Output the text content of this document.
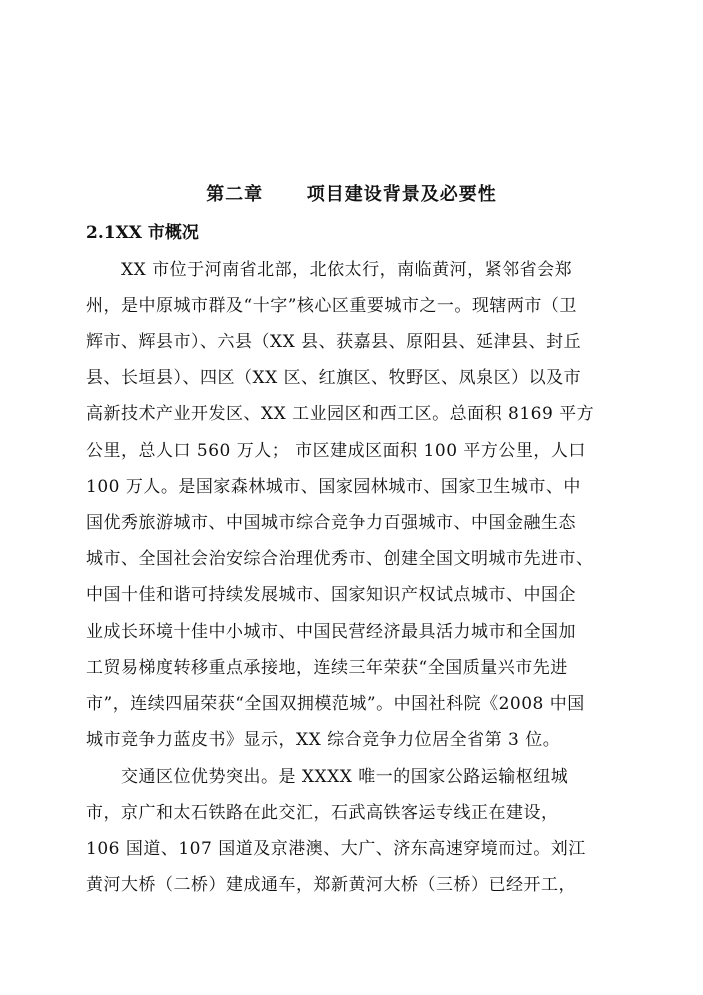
第二章      项目建设背景及必要性
2.1XX 市概况
XX 市位于河南省北部，北依太行，南临黄河，紧邻省会郑
州，是中原城市群及“十字”核心区重要城市之一。现辖两市（卫
辉市、辉县市）、六县（XX 县、获嘉县、原阳县、延津县、封丘
县、长垣县）、四区（XX 区、红旗区、牧野区、凤泉区）以及市
高新技术产业开发区、XX 工业园区和西工区。总面积 8169 平方
公里，总人口 560 万人； 市区建成区面积 100 平方公里，人口
100 万人。是国家森林城市、国家园林城市、国家卫生城市、中
国优秀旅游城市、中国城市综合竞争力百强城市、中国金融生态
城市、全国社会治安综合治理优秀市、创建全国文明城市先进市、
中国十佳和谐可持续发展城市、国家知识产权试点城市、中国企
业成长环境十佳中小城市、中国民营经济最具活力城市和全国加
工贸易梯度转移重点承接地，连续三年荣获“全国质量兴市先进
市”，连续四届荣获“全国双拥模范城”。中国社科院《2008 中国
城市竞争力蓝皮书》显示，XX 综合竞争力位居全省第 3 位。
交通区位优势突出。是 XXXX 唯一的国家公路运输枢纽城
市，京广和太石铁路在此交汇，石武高铁客运专线正在建设，
106 国道、107 国道及京港澳、大广、济东高速穿境而过。刘江
黄河大桥（二桥）建成通车，郑新黄河大桥（三桥）已经开工，
